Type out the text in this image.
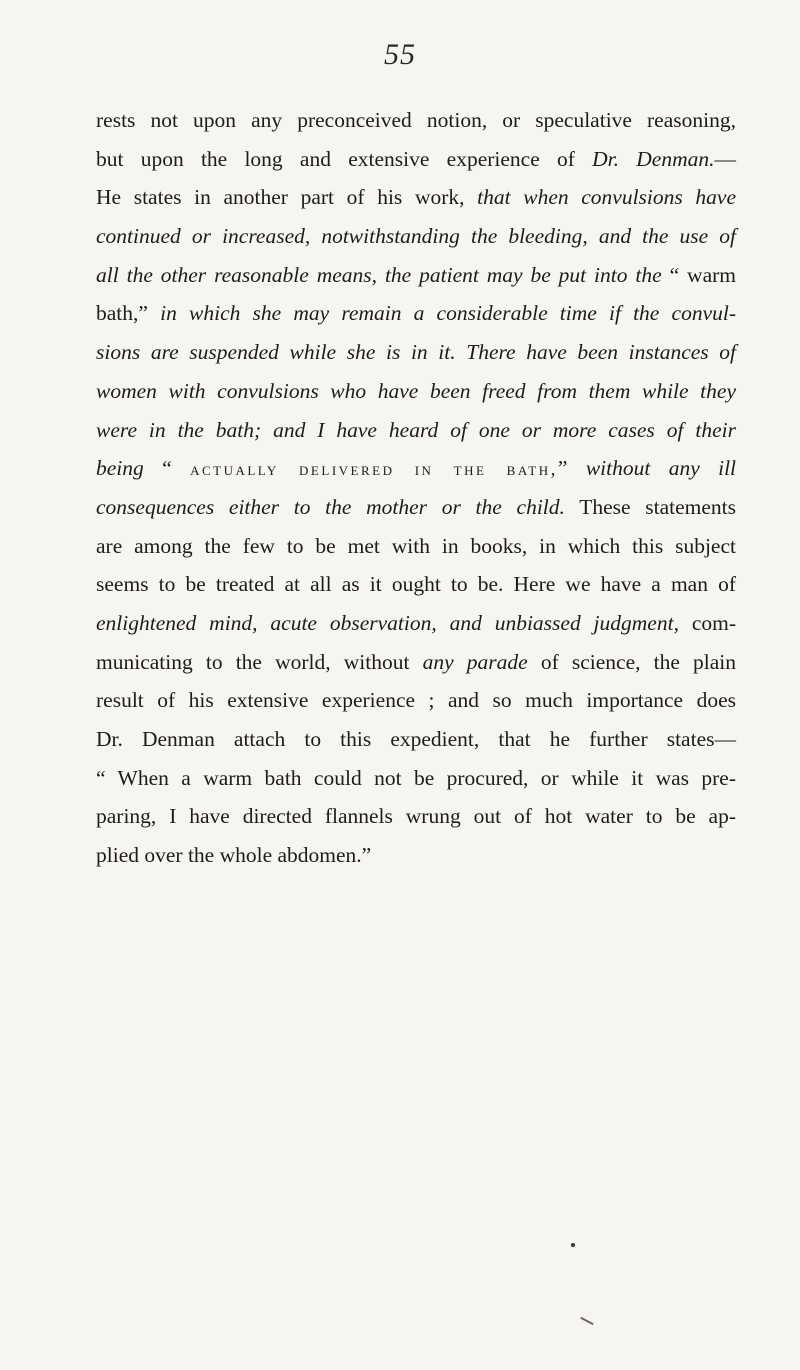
55
rests not upon any preconceived notion, or speculative reasoning,
but upon the long and extensive experience of Dr. Denman.—
He states in another part of his work, that when convulsions have
continued or increased, notwithstanding the bleeding, and the use of
all the other reasonable means, the patient may be put into the “ warm
bath,” in which she may remain a considerable time if the convul-
sions are suspended while she is in it. There have been instances of
women with convulsions who have been freed from them while they
were in the bath; and I have heard of one or more cases of their
being “ actually delivered in the bath,” without any ill
consequences either to the mother or the child. These statements
are among the few to be met with in books, in which this subject
seems to be treated at all as it ought to be. Here we have a man of
enlightened mind, acute observation, and unbiassed judgment, com-
municating to the world, without any parade of science, the plain
result of his extensive experience ; and so much importance does
Dr. Denman attach to this expedient, that he further states—
“ When a warm bath could not be procured, or while it was pre-
paring, I have directed flannels wrung out of hot water to be ap-
plied over the whole abdomen.”
